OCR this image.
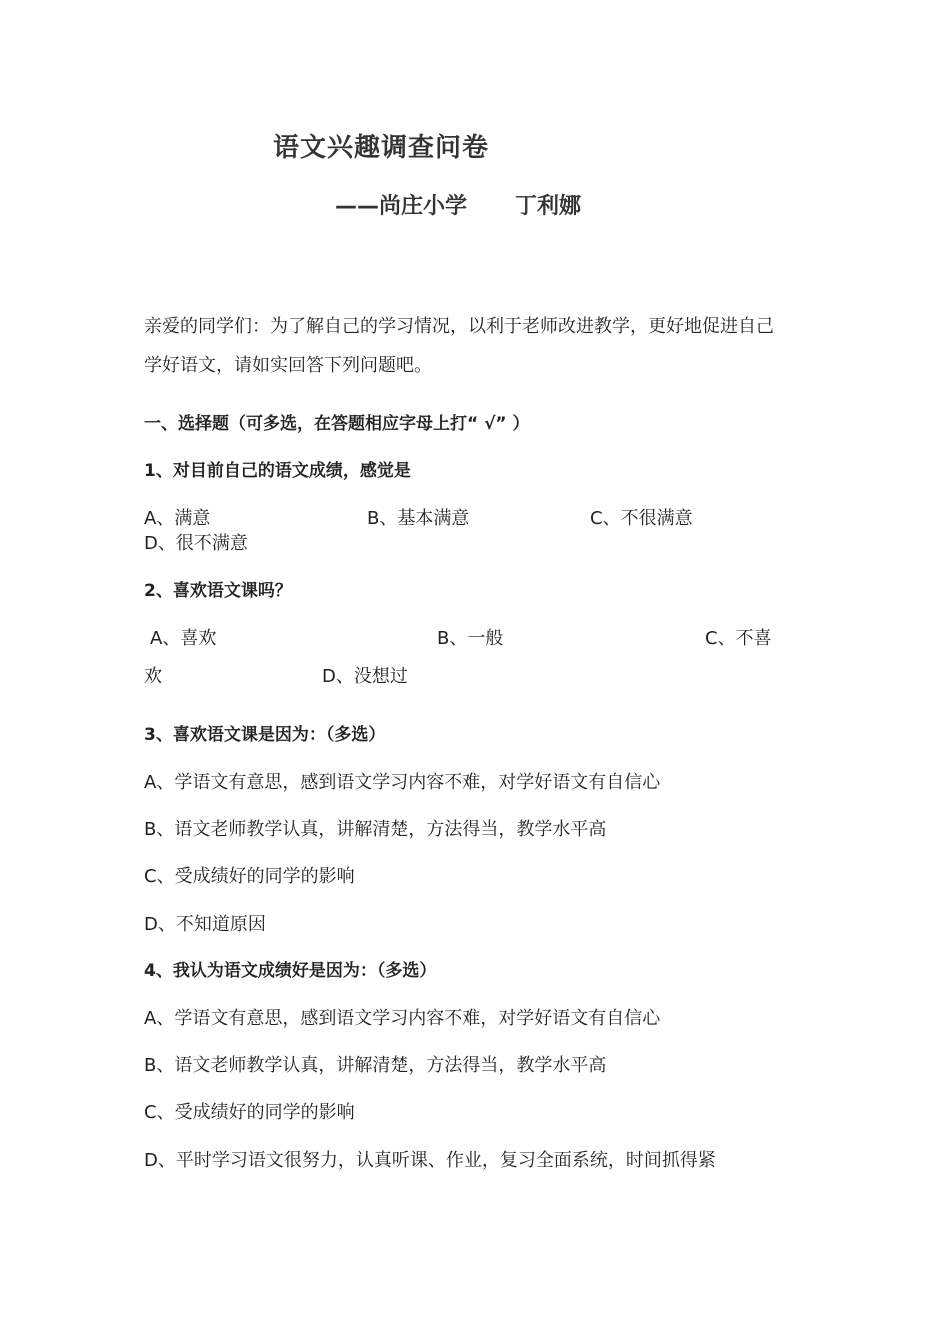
语文兴趣调查问卷
——尚庄小学 丁利娜
亲爱的同学们：为了解自己的学习情况，以利于老师改进教学，更好地促进自己
学好语文，请如实回答下列问题吧。
一、选择题（可多选，在答题相应字母上打“ √” ）
1、对目前自己的语文成绩，感觉是
A、满意	B、基本满意	C、不很满意
D、很不满意
2、喜欢语文课吗？
A、喜欢	B、一般	C、不喜
欢	D、没想过
3、喜欢语文课是因为：（多选）
A、学语文有意思，感到语文学习内容不难，对学好语文有自信心
B、语文老师教学认真，讲解清楚，方法得当，教学水平高
C、受成绩好的同学的影响
D、不知道原因
4、我认为语文成绩好是因为：（多选）
A、学语文有意思，感到语文学习内容不难，对学好语文有自信心
B、语文老师教学认真，讲解清楚，方法得当，教学水平高
C、受成绩好的同学的影响
D、平时学习语文很努力，认真听课、作业，复习全面系统，时间抓得紧
